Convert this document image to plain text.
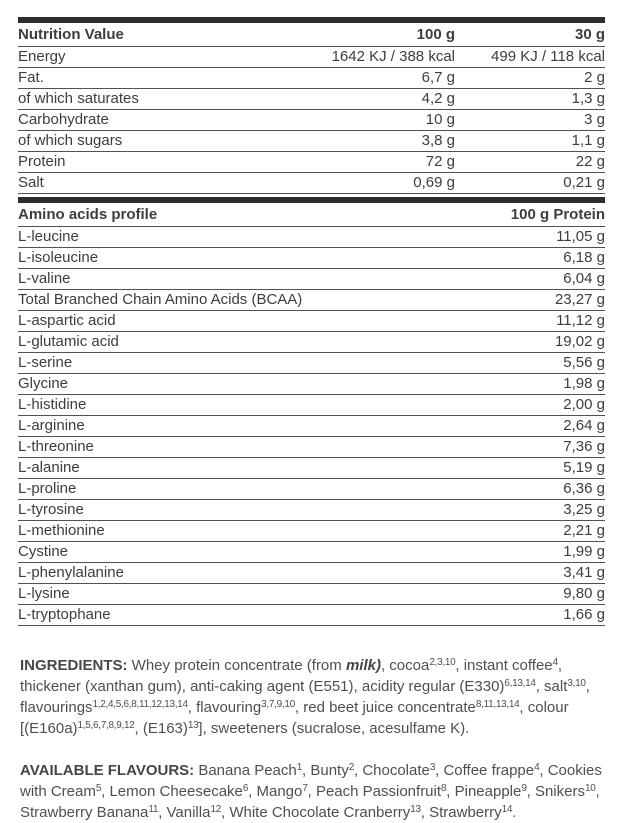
Nutrition Value	100 g	30 g
Energy	1642 KJ / 388 kcal	499 KJ / 118 kcal
Fat.	6,7 g	2 g
of which saturates	4,2 g	1,3 g
Carbohydrate	10 g	3 g
of which sugars	3,8 g	1,1 g
Protein	72 g	22 g
Salt	0,69 g	0,21 g
Amino acids profile	100 g Protein
L-leucine	11,05 g
L-isoleucine	6,18 g
L-valine	6,04 g
Total Branched Chain Amino Acids (BCAA)	23,27 g
L-aspartic acid	11,12 g
L-glutamic acid	19,02 g
L-serine	5,56 g
Glycine	1,98 g
L-histidine	2,00 g
L-arginine	2,64 g
L-threonine	7,36 g
L-alanine	5,19 g
L-proline	6,36 g
L-tyrosine	3,25 g
L-methionine	2,21 g
Cystine	1,99 g
L-phenylalanine	3,41 g
L-lysine	9,80 g
L-tryptophane	1,66 g

INGREDIENTS: Whey protein concentrate (from milk), cocoa$^{2,3,10}$, instant coffee$^4$, thickener (xanthan gum), anti-caking agent (E551), acidity regular $(E330)^{6,13,14}$, salt$^{3,10}$, flavourings$^{1,2,4,5,6,8,11,12,13,14}$, flavouring$^{3,7,9,10}$, red beet juice concentrate$^{8,11,13,14}$, colour [$(E160a)^{1,5,6,7,8,9,12}$, $(E163)^{13}$], sweeteners (sucralose, acesulfame K).

AVAILABLE FLAVOURS: Banana Peach$^1$, Bunty$^2$, Chocolate$^3$, Coffee frappe$^4$, Cookies with Cream$^5$, Lemon Cheesecake$^6$, Mango$^7$, Peach Passionfruit$^8$, Pineapple$^9$, Snikers$^{10}$, Strawberry Banana$^{11}$, Vanilla$^{12}$, White Chocolate Cranberry$^{13}$, Strawberry$^{14}$.
